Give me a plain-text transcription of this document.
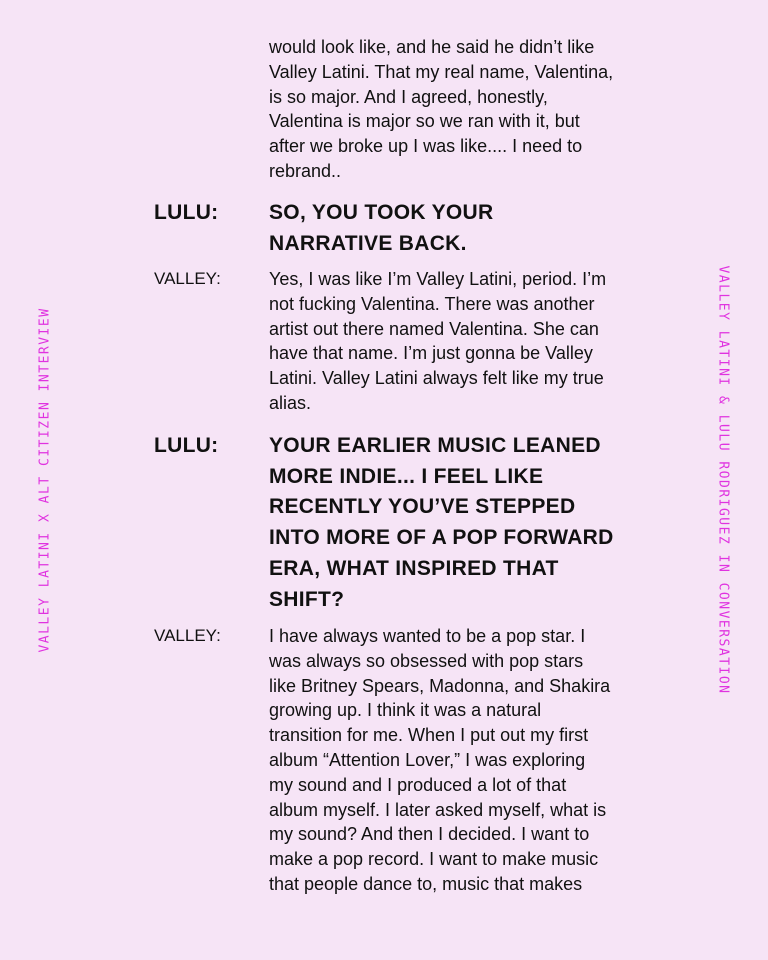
VALLEY LATINI X ALT CITIZEN INTERVIEW	VALLEY LATINI & LULU RODRIGUEZ IN CONVERSATION
would look like, and he said he didn’t like Valley Latini. That my real name, Valentina, is so major. And I agreed, honestly, Valentina is major so we ran with it, but after we broke up I was like.... I need to rebrand..
LULU: SO, YOU TOOK YOUR NARRATIVE BACK.
VALLEY:	Yes, I was like I’m Valley Latini, period. I’m not fucking Valentina. There was another artist out there named Valentina. She can have that name. I’m just gonna be Valley Latini. Valley Latini always felt like my true alias.
LULU: YOUR EARLIER MUSIC LEANED MORE INDIE... I FEEL LIKE RECENTLY YOU’VE STEPPED INTO MORE OF A POP FORWARD ERA, WHAT INSPIRED THAT SHIFT?
VALLEY:	I have always wanted to be a pop star. I was always so obsessed with pop stars like Britney Spears, Madonna, and Shakira growing up. I think it was a natural transition for me. When I put out my first album “Attention Lover,” I was exploring my sound and I produced a lot of that album myself. I later asked myself, what is my sound? And then I decided. I want to make a pop record. I want to make music that people dance to, music that makes
